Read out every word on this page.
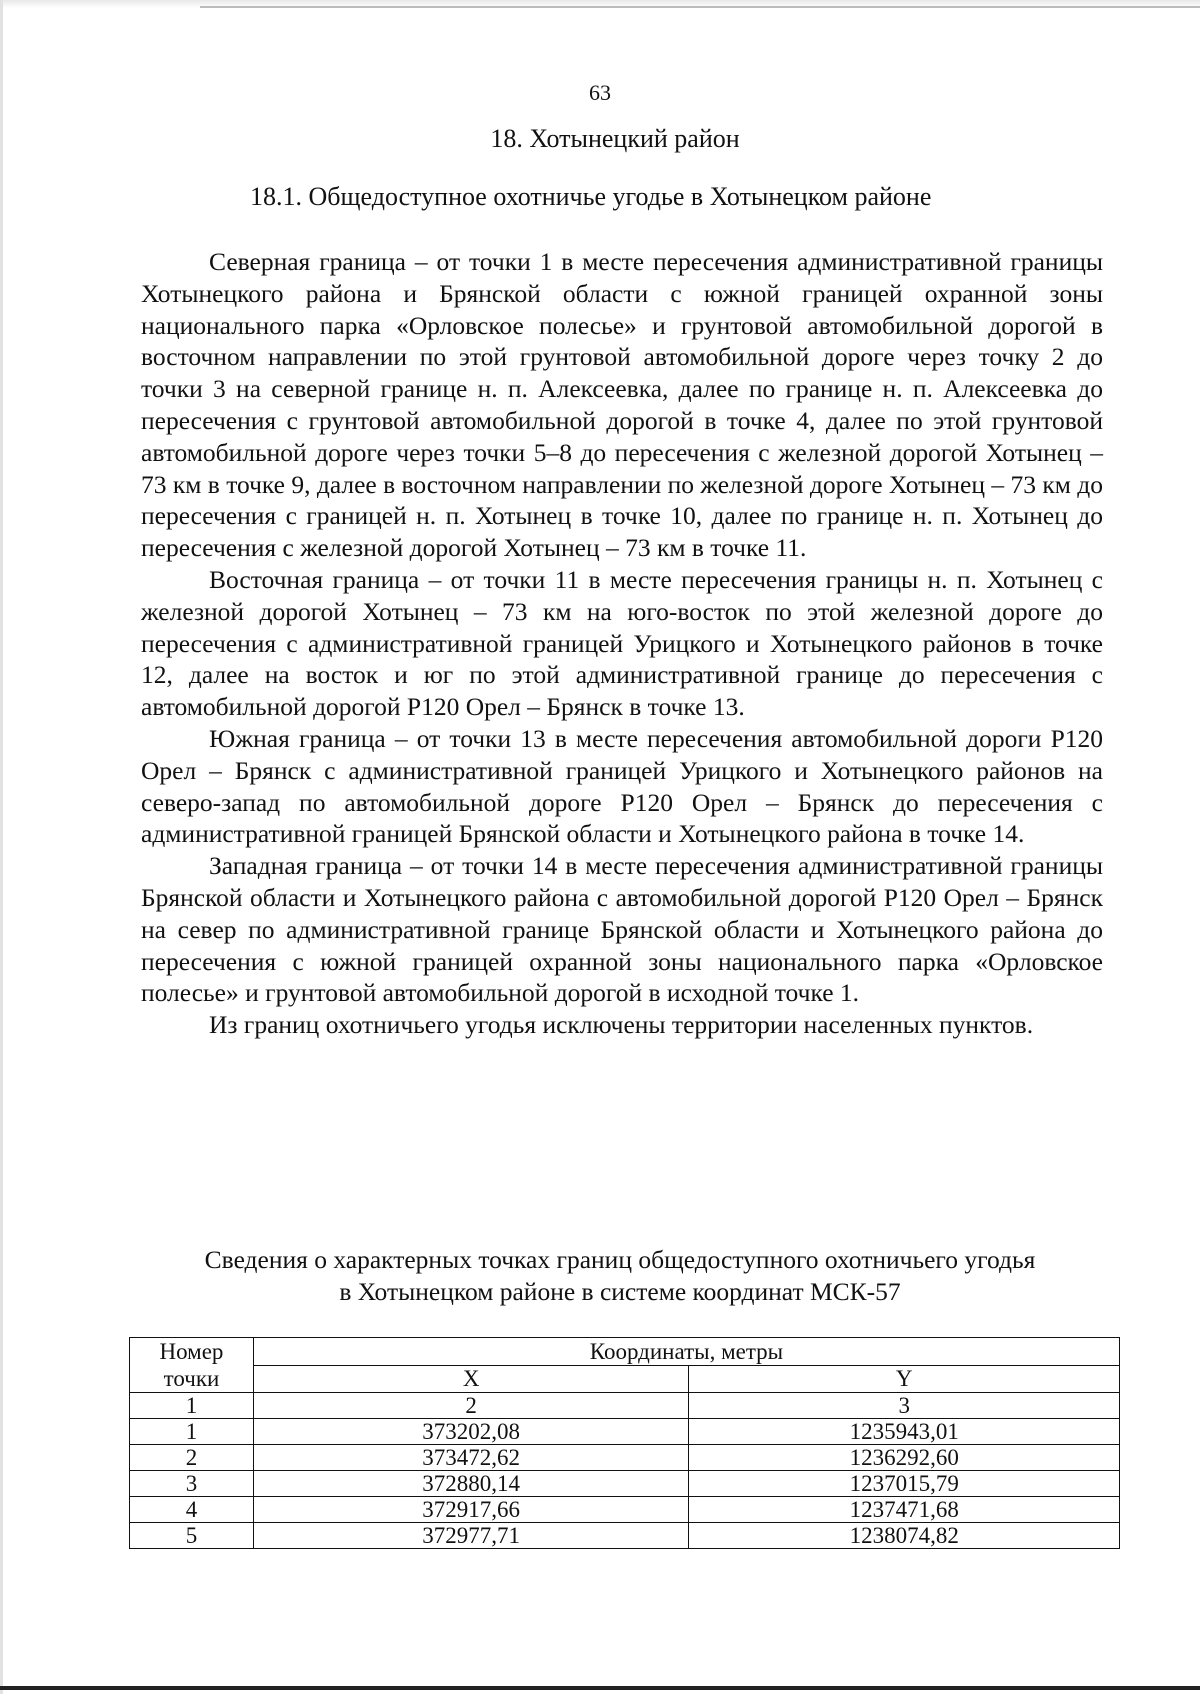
63
18. Хотынецкий район
18.1. Общедоступное охотничье угодье в Хотынецком районе

Северная граница – от точки 1 в месте пересечения административной границы Хотынецкого района и Брянской области с южной границей охранной зоны национального парка «Орловское полесье» и грунтовой автомобильной дорогой в восточном направлении по этой грунтовой автомобильной дороге через точку 2 до точки 3 на северной границе н. п. Алексеевка, далее по границе н. п. Алексеевка до пересечения с грунтовой автомобильной дорогой в точке 4, далее по этой грунтовой автомобильной дороге через точки 5–8 до пересечения с железной дорогой Хотынец – 73 км в точке 9, далее в восточном направлении по железной дороге Хотынец – 73 км до пересечения с границей н. п. Хотынец в точке 10, далее по границе н. п. Хотынец до пересечения с железной дорогой Хотынец – 73 км в точке 11.

Восточная граница – от точки 11 в месте пересечения границы н. п. Хотынец с железной дорогой Хотынец – 73 км на юго-восток по этой железной дороге до пересечения с административной границей Урицкого и Хотынецкого районов в точке 12, далее на восток и юг по этой административной границе до пересечения с автомобильной дорогой Р120 Орел – Брянск в точке 13.

Южная граница – от точки 13 в месте пересечения автомобильной дороги Р120 Орел – Брянск с административной границей Урицкого и Хотынецкого районов на северо-запад по автомобильной дороге Р120 Орел – Брянск до пересечения с административной границей Брянской области и Хотынецкого района в точке 14.

Западная граница – от точки 14 в месте пересечения административной границы Брянской области и Хотынецкого района с автомобильной дорогой Р120 Орел – Брянск на север по административной границе Брянской области и Хотынецкого района до пересечения с южной границей охранной зоны национального парка «Орловское полесье» и грунтовой автомобильной дорогой в исходной точке 1.

Из границ охотничьего угодья исключены территории населенных пунктов.

Сведения о характерных точках границ общедоступного охотничьего угодья
в Хотынецком районе в системе координат МСК-57
Номер
точки	Координаты, метры	
	X	Y
1	2	3
1	373202,08	1235943,01
2	373472,62	1236292,60
3	372880,14	1237015,79
4	372917,66	1237471,68
5	372977,71	1238074,82
